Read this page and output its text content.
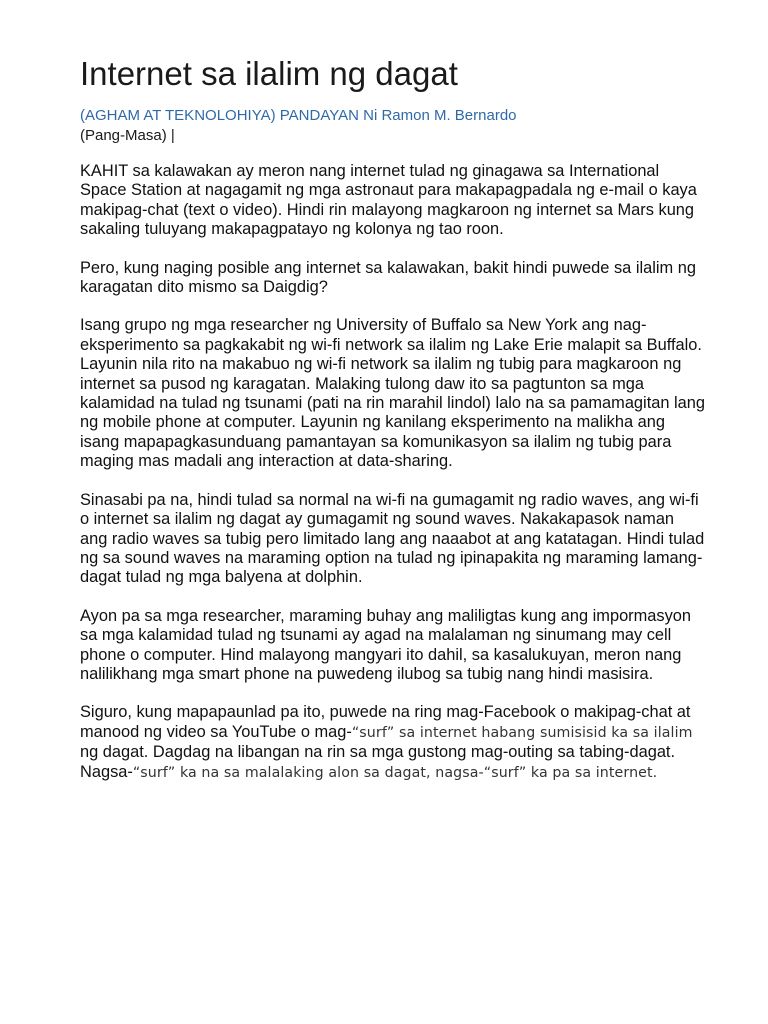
Internet sa ilalim ng dagat
(AGHAM AT TEKNOLOHIYA) PANDAYAN Ni Ramon M. Bernardo
(Pang-Masa) |

KAHIT sa kalawakan ay meron nang internet tulad ng ginagawa sa International
Space Station at nagagamit ng mga astronaut para makapagpadala ng e-mail o kaya
makipag-chat (text o video). Hindi rin malayong magkaroon ng internet sa Mars kung
sakaling tuluyang makapagpatayo ng kolonya ng tao roon.

Pero, kung naging posible ang internet sa kalawakan, bakit hindi puwede sa ilalim ng
karagatan dito mismo sa Daigdig?

Isang grupo ng mga researcher ng University of Buffalo sa New York ang nag-
eksperimento sa pagkakabit ng wi-fi network sa ilalim ng Lake Erie malapit sa Buffalo.
Layunin nila rito na makabuo ng wi-fi network sa ilalim ng tubig para magkaroon ng
internet sa pusod ng karagatan. Malaking tulong daw ito sa pagtunton sa mga
kalamidad na tulad ng tsunami (pati na rin marahil lindol) lalo na sa pamamagitan lang
ng mobile phone at computer. Layunin ng kanilang eksperimento na malikha ang
isang mapapagkasunduang pamantayan sa komunikasyon sa ilalim ng tubig para
maging mas madali ang interaction at data-sharing.

Sinasabi pa na, hindi tulad sa normal na wi-fi na gumagamit ng radio waves, ang wi-fi
o internet sa ilalim ng dagat ay gumagamit ng sound waves. Nakakapasok naman
ang radio waves sa tubig pero limitado lang ang naaabot at ang katatagan. Hindi tulad
ng sa sound waves na maraming option na tulad ng ipinapakita ng maraming lamang-
dagat tulad ng mga balyena at dolphin.

Ayon pa sa mga researcher, maraming buhay ang maliligtas kung ang impormasyon
sa mga kalamidad tulad ng tsunami ay agad na malalaman ng sinumang may cell
phone o computer. Hind malayong mangyari ito dahil, sa kasalukuyan, meron nang
nalilikhang mga smart phone na puwedeng ilubog sa tubig nang hindi masisira.

Siguro, kung mapapaunlad pa ito, puwede na ring mag-Facebook o makipag-chat at
manood ng video sa YouTube o mag-“surf” sa internet habang sumisisid ka sa ilalim
ng dagat. Dagdag na libangan na rin sa mga gustong mag-outing sa tabing-dagat.
Nagsa-“surf” ka na sa malalaking alon sa dagat, nagsa-“surf” ka pa sa internet.
